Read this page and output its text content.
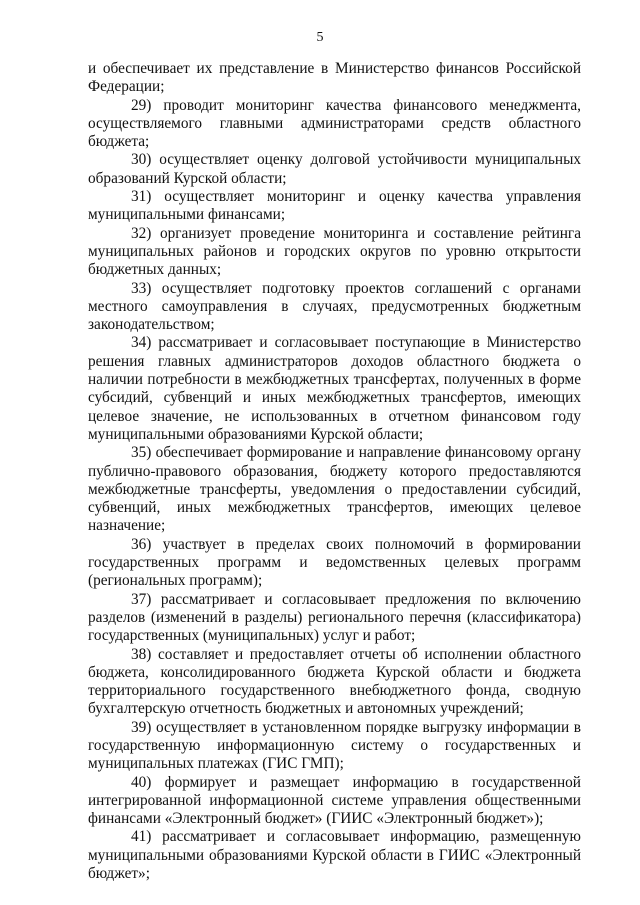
5

и обеспечивает их представление в Министерство финансов Российской Федерации;

29) проводит мониторинг качества финансового менеджмента, осуществляемого главными администраторами средств областного бюджета;

30) осуществляет оценку долговой устойчивости муниципальных образований Курской области;

31) осуществляет мониторинг и оценку качества управления муниципальными финансами;

32) организует проведение мониторинга и составление рейтинга муниципальных районов и городских округов по уровню открытости бюджетных данных;

33) осуществляет подготовку проектов соглашений с органами местного самоуправления в случаях, предусмотренных бюджетным законодательством;

34) рассматривает и согласовывает поступающие в Министерство решения главных администраторов доходов областного бюджета о наличии потребности в межбюджетных трансфертах, полученных в форме субсидий, субвенций и иных межбюджетных трансфертов, имеющих целевое значение, не использованных в отчетном финансовом году муниципальными образованиями Курской области;

35) обеспечивает формирование и направление финансовому органу публично-правового образования, бюджету которого предоставляются межбюджетные трансферты, уведомления о предоставлении субсидий, субвенций, иных межбюджетных трансфертов, имеющих целевое назначение;

36) участвует в пределах своих полномочий в формировании государственных программ и ведомственных целевых программ (региональных программ);

37) рассматривает и согласовывает предложения по включению разделов (изменений в разделы) регионального перечня (классификатора) государственных (муниципальных) услуг и работ;

38) составляет и предоставляет отчеты об исполнении областного бюджета, консолидированного бюджета Курской области и бюджета территориального государственного внебюджетного фонда, сводную бухгалтерскую отчетность бюджетных и автономных учреждений;

39) осуществляет в установленном порядке выгрузку информации в государственную информационную систему о государственных и муниципальных платежах (ГИС ГМП);

40) формирует и размещает информацию в государственной интегрированной информационной системе управления общественными финансами «Электронный бюджет» (ГИИС «Электронный бюджет»);

41) рассматривает и согласовывает информацию, размещенную муниципальными образованиями Курской области в ГИИС «Электронный бюджет»;
